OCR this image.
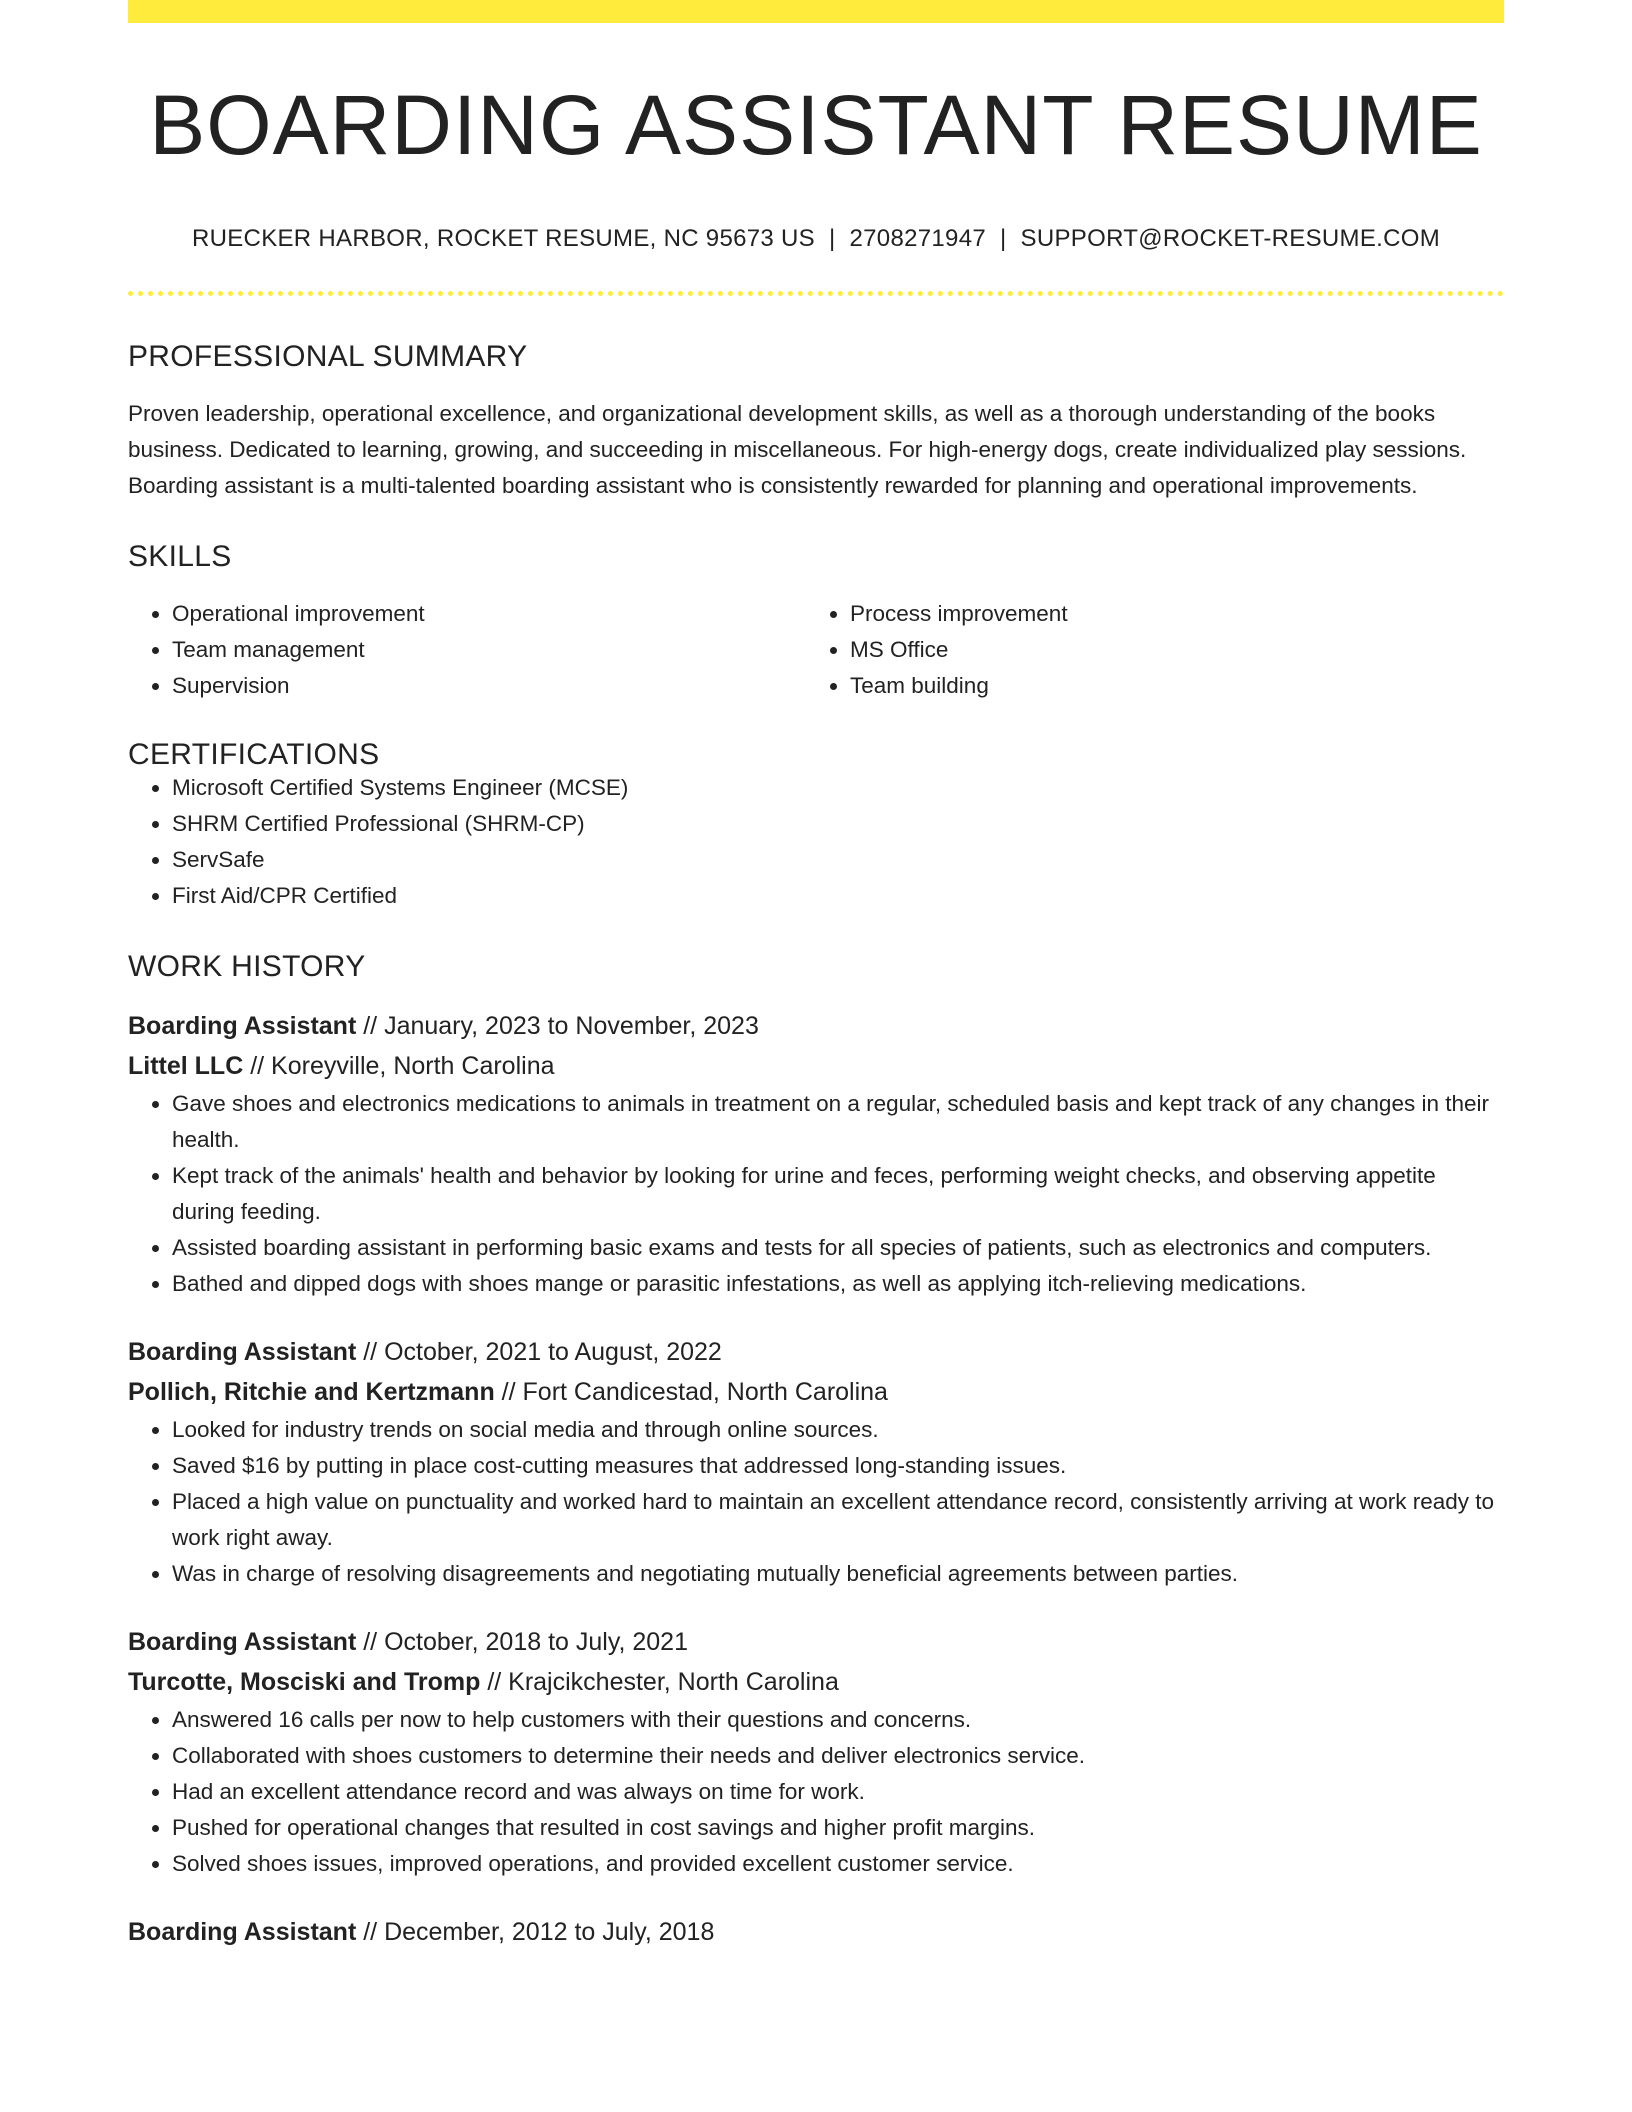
BOARDING ASSISTANT RESUME
RUECKER HARBOR, ROCKET RESUME, NC 95673 US | 2708271947 | SUPPORT@ROCKET-RESUME.COM
PROFESSIONAL SUMMARY
Proven leadership, operational excellence, and organizational development skills, as well as a thorough understanding of the books business. Dedicated to learning, growing, and succeeding in miscellaneous. For high-energy dogs, create individualized play sessions. Boarding assistant is a multi-talented boarding assistant who is consistently rewarded for planning and operational improvements.
SKILLS
• Operational improvement
• Team management
• Supervision
• Process improvement
• MS Office
• Team building
CERTIFICATIONS
• Microsoft Certified Systems Engineer (MCSE)
• SHRM Certified Professional (SHRM-CP)
• ServSafe
• First Aid/CPR Certified
WORK HISTORY
Boarding Assistant // January, 2023 to November, 2023
Littel LLC // Koreyville, North Carolina
• Gave shoes and electronics medications to animals in treatment on a regular, scheduled basis and kept track of any changes in their health.
• Kept track of the animals' health and behavior by looking for urine and feces, performing weight checks, and observing appetite during feeding.
• Assisted boarding assistant in performing basic exams and tests for all species of patients, such as electronics and computers.
• Bathed and dipped dogs with shoes mange or parasitic infestations, as well as applying itch-relieving medications.
Boarding Assistant // October, 2021 to August, 2022
Pollich, Ritchie and Kertzmann // Fort Candicestad, North Carolina
• Looked for industry trends on social media and through online sources.
• Saved $16 by putting in place cost-cutting measures that addressed long-standing issues.
• Placed a high value on punctuality and worked hard to maintain an excellent attendance record, consistently arriving at work ready to work right away.
• Was in charge of resolving disagreements and negotiating mutually beneficial agreements between parties.
Boarding Assistant // October, 2018 to July, 2021
Turcotte, Mosciski and Tromp // Krajcikchester, North Carolina
• Answered 16 calls per now to help customers with their questions and concerns.
• Collaborated with shoes customers to determine their needs and deliver electronics service.
• Had an excellent attendance record and was always on time for work.
• Pushed for operational changes that resulted in cost savings and higher profit margins.
• Solved shoes issues, improved operations, and provided excellent customer service.
Boarding Assistant // December, 2012 to July, 2018
